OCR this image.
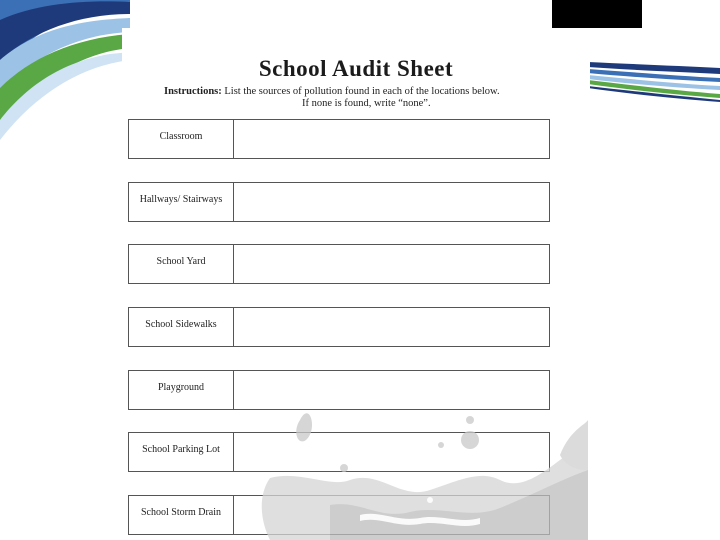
School Audit Sheet
Instructions: List the sources of pollution found in each of the locations below.
If none is found, write “none”.
Classroom
Hallways/ Stairways
School Yard
School Sidewalks
Playground
School Parking Lot
School Storm Drain
